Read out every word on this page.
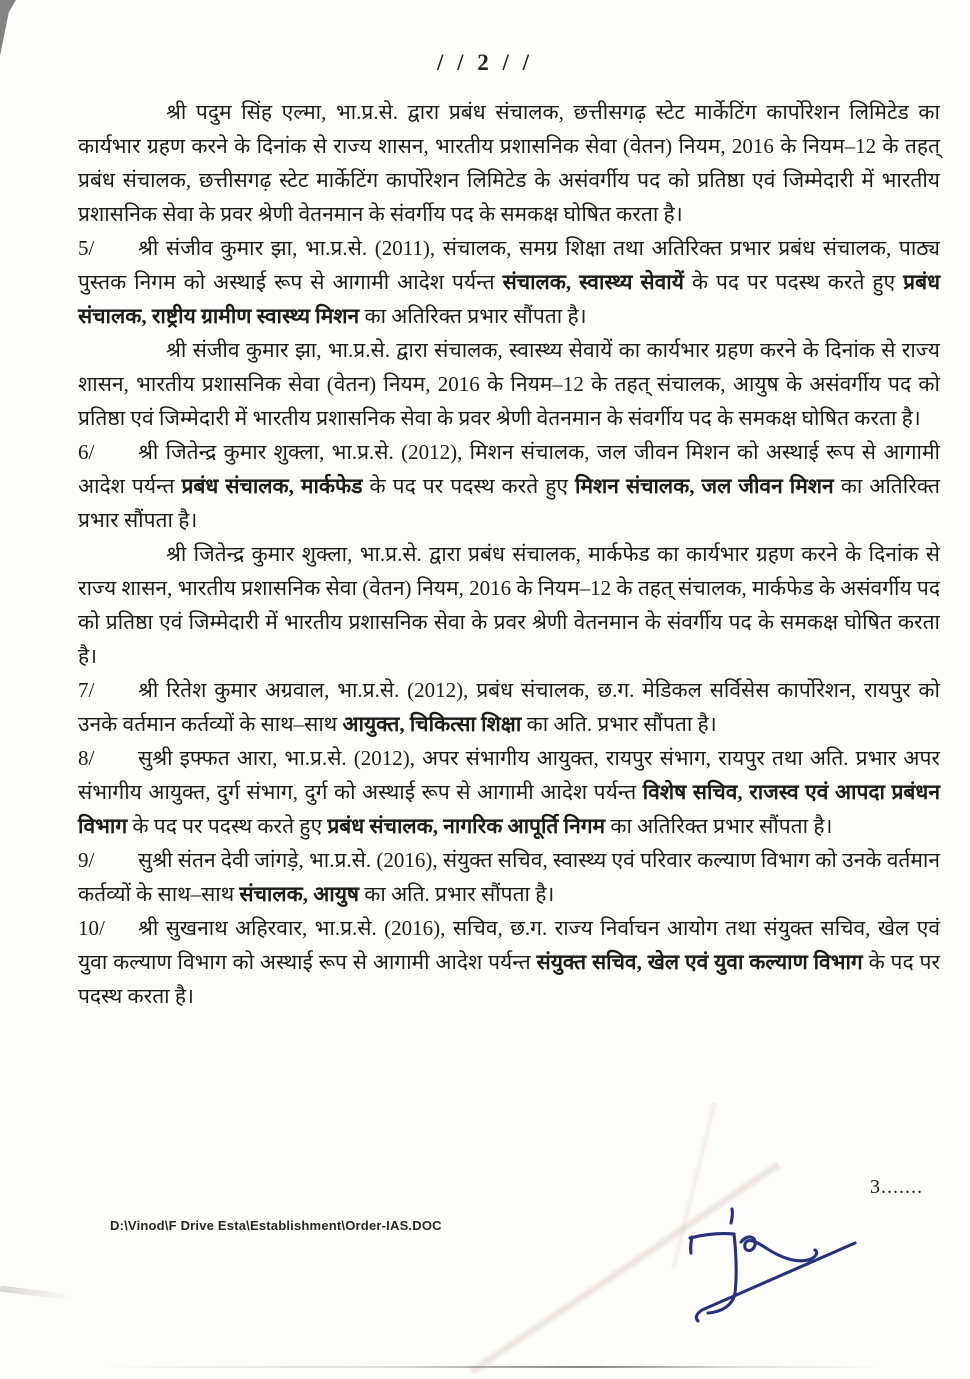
/ / 2 / /
श्री पदुम सिंह एल्मा, भा.प्र.से. द्वारा प्रबंध संचालक, छत्तीसगढ़ स्टेट मार्केटिंग कार्पोरेशन लिमिटेड का कार्यभार ग्रहण करने के दिनांक से राज्य शासन, भारतीय प्रशासनिक सेवा (वेतन) नियम, 2016 के नियम–12 के तहत् प्रबंध संचालक, छत्तीसगढ़ स्टेट मार्केटिंग कार्पोरेशन लिमिटेड के असंवर्गीय पद को प्रतिष्ठा एवं जिम्मेदारी में भारतीय प्रशासनिक सेवा के प्रवर श्रेणी वेतनमान के संवर्गीय पद के समकक्ष घोषित करता है।
5/ श्री संजीव कुमार झा, भा.प्र.से. (2011), संचालक, समग्र शिक्षा तथा अतिरिक्त प्रभार प्रबंध संचालक, पाठ्य पुस्तक निगम को अस्थाई रूप से आगामी आदेश पर्यन्त संचालक, स्वास्थ्य सेवायें के पद पर पदस्थ करते हुए प्रबंध संचालक, राष्ट्रीय ग्रामीण स्वास्थ्य मिशन का अतिरिक्त प्रभार सौंपता है।
श्री संजीव कुमार झा, भा.प्र.से. द्वारा संचालक, स्वास्थ्य सेवायें का कार्यभार ग्रहण करने के दिनांक से राज्य शासन, भारतीय प्रशासनिक सेवा (वेतन) नियम, 2016 के नियम–12 के तहत् संचालक, आयुष के असंवर्गीय पद को प्रतिष्ठा एवं जिम्मेदारी में भारतीय प्रशासनिक सेवा के प्रवर श्रेणी वेतनमान के संवर्गीय पद के समकक्ष घोषित करता है।
6/ श्री जितेन्द्र कुमार शुक्ला, भा.प्र.से. (2012), मिशन संचालक, जल जीवन मिशन को अस्थाई रूप से आगामी आदेश पर्यन्त प्रबंध संचालक, मार्कफेड के पद पर पदस्थ करते हुए मिशन संचालक, जल जीवन मिशन का अतिरिक्त प्रभार सौंपता है।
श्री जितेन्द्र कुमार शुक्ला, भा.प्र.से. द्वारा प्रबंध संचालक, मार्कफेड का कार्यभार ग्रहण करने के दिनांक से राज्य शासन, भारतीय प्रशासनिक सेवा (वेतन) नियम, 2016 के नियम–12 के तहत् संचालक, मार्कफेड के असंवर्गीय पद को प्रतिष्ठा एवं जिम्मेदारी में भारतीय प्रशासनिक सेवा के प्रवर श्रेणी वेतनमान के संवर्गीय पद के समकक्ष घोषित करता है।
7/ श्री रितेश कुमार अग्रवाल, भा.प्र.से. (2012), प्रबंध संचालक, छ.ग. मेडिकल सर्विसेस कार्पोरेशन, रायपुर को उनके वर्तमान कर्तव्यों के साथ–साथ आयुक्त, चिकित्सा शिक्षा का अति. प्रभार सौंपता है।
8/ सुश्री इफ्फत आरा, भा.प्र.से. (2012), अपर संभागीय आयुक्त, रायपुर संभाग, रायपुर तथा अति. प्रभार अपर संभागीय आयुक्त, दुर्ग संभाग, दुर्ग को अस्थाई रूप से आगामी आदेश पर्यन्त विशेष सचिव, राजस्व एवं आपदा प्रबंधन विभाग के पद पर पदस्थ करते हुए प्रबंध संचालक, नागरिक आपूर्ति निगम का अतिरिक्त प्रभार सौंपता है।
9/ सुश्री संतन देवी जांगड़े, भा.प्र.से. (2016), संयुक्त सचिव, स्वास्थ्य एवं परिवार कल्याण विभाग को उनके वर्तमान कर्तव्यों के साथ–साथ संचालक, आयुष का अति. प्रभार सौंपता है।
10/ श्री सुखनाथ अहिरवार, भा.प्र.से. (2016), सचिव, छ.ग. राज्य निर्वाचन आयोग तथा संयुक्त सचिव, खेल एवं युवा कल्याण विभाग को अस्थाई रूप से आगामी आदेश पर्यन्त संयुक्त सचिव, खेल एवं युवा कल्याण विभाग के पद पर पदस्थ करता है।
3.......
D:\Vinod\F Drive Esta\Establishment\Order-IAS.DOC
